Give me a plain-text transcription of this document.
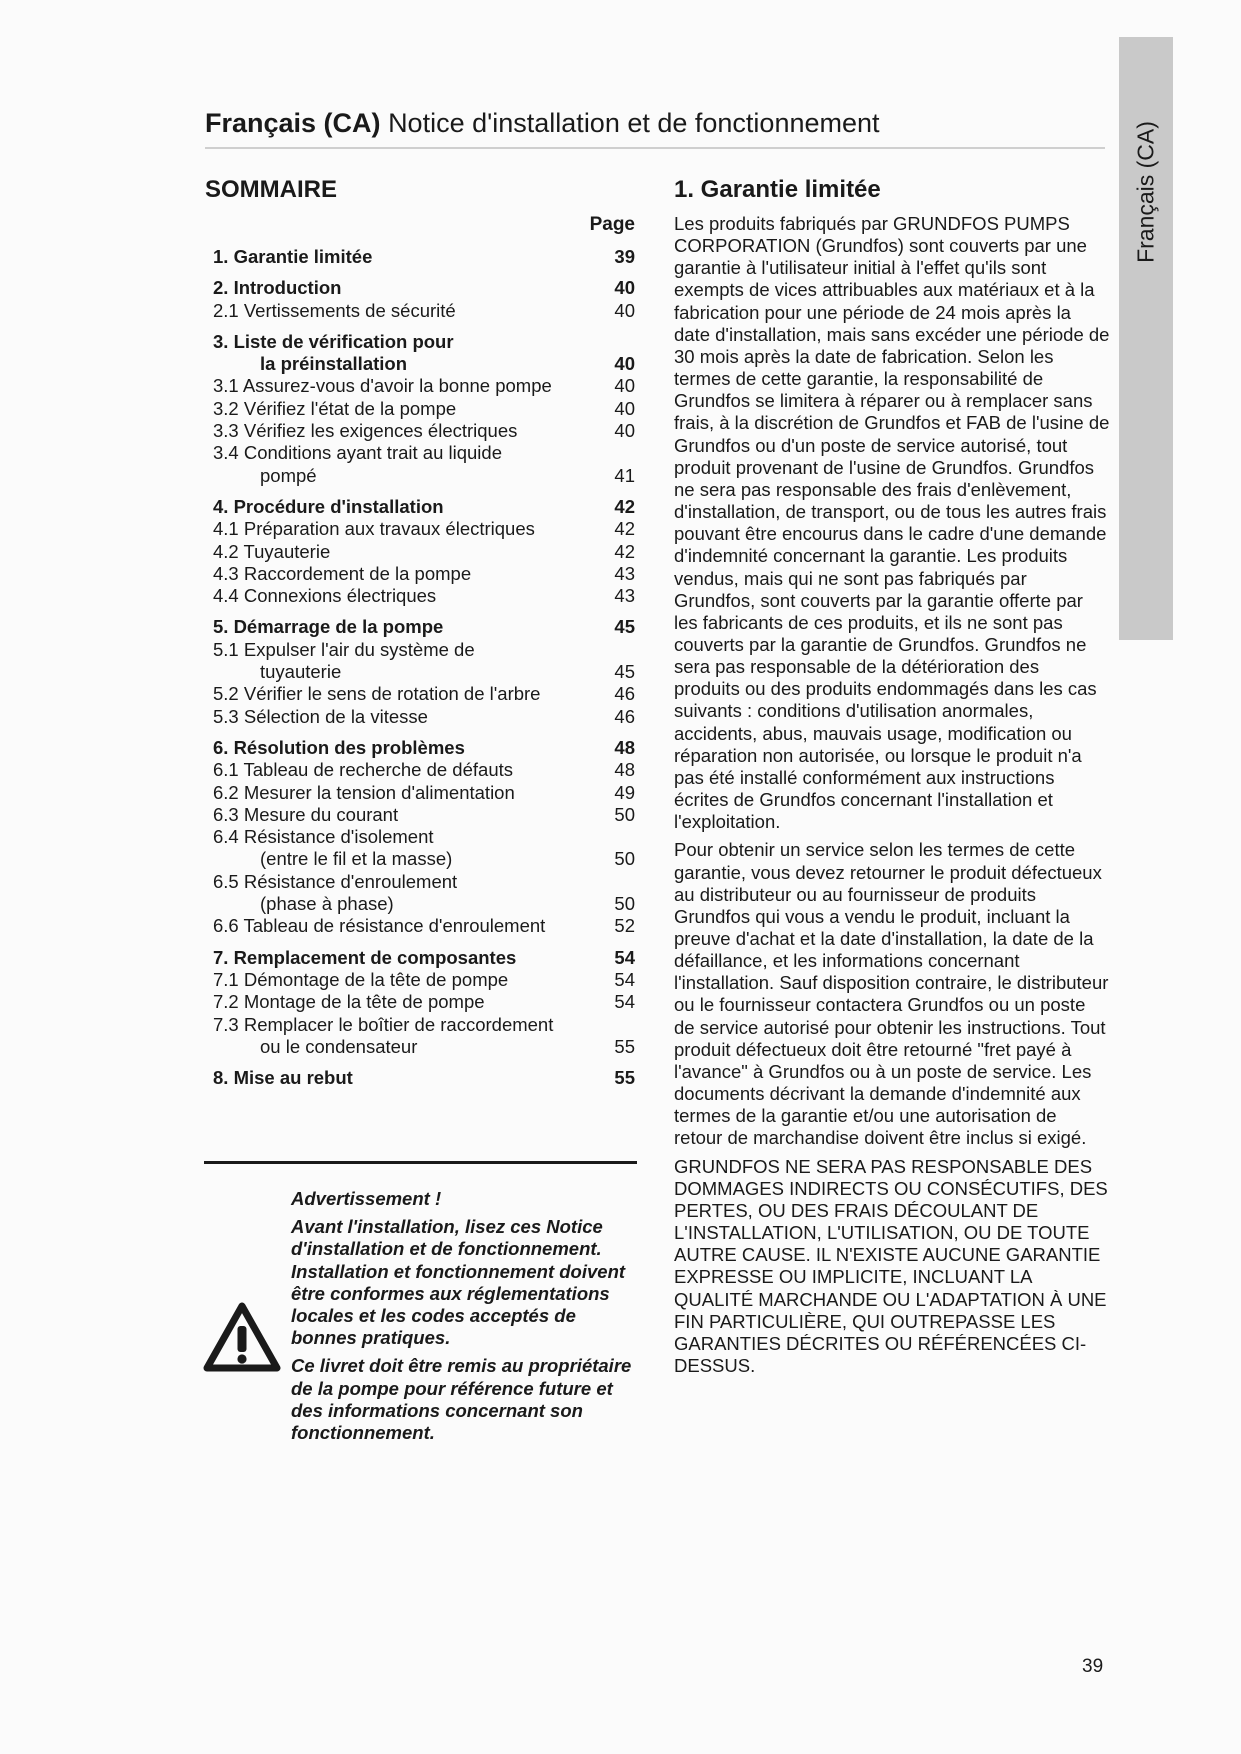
Français (CA)
Français (CA) Notice d'installation et de fonctionnement
SOMMAIRE
Page
1. Garantie limitée	39
2. Introduction	40
2.1 Vertissements de sécurité	40
3. Liste de vérification pour
la préinstallation	40
3.1 Assurez-vous d'avoir la bonne pompe	40
3.2 Vérifiez l'état de la pompe	40
3.3 Vérifiez les exigences électriques	40
3.4 Conditions ayant trait au liquide
pompé	41
4. Procédure d'installation	42
4.1 Préparation aux travaux électriques	42
4.2 Tuyauterie	42
4.3 Raccordement de la pompe	43
4.4 Connexions électriques	43
5. Démarrage de la pompe	45
5.1 Expulser l'air du système de
tuyauterie	45
5.2 Vérifier le sens de rotation de l'arbre	46
5.3 Sélection de la vitesse	46
6. Résolution des problèmes	48
6.1 Tableau de recherche de défauts	48
6.2 Mesurer la tension d'alimentation	49
6.3 Mesure du courant	50
6.4 Résistance d'isolement
(entre le fil et la masse)	50
6.5 Résistance d'enroulement
(phase à phase)	50
6.6 Tableau de résistance d'enroulement	52
7. Remplacement de composantes	54
7.1 Démontage de la tête de pompe	54
7.2 Montage de la tête de pompe	54
7.3 Remplacer le boîtier de raccordement
ou le condensateur	55
8. Mise au rebut	55

Advertissement !

Avant l'installation, lisez ces Notice d'installation et de fonctionnement. Installation et fonctionnement doivent être conformes aux réglementations locales et les codes acceptés de bonnes pratiques.

Ce livret doit être remis au propriétaire de la pompe pour référence future et des informations concernant son fonctionnement.

1. Garantie limitée

Les produits fabriqués par GRUNDFOS PUMPS CORPORATION (Grundfos) sont couverts par une garantie à l'utilisateur initial à l'effet qu'ils sont exempts de vices attribuables aux matériaux et à la fabrication pour une période de 24 mois après la date d'installation, mais sans excéder une période de 30 mois après la date de fabrication. Selon les termes de cette garantie, la responsabilité de Grundfos se limitera à réparer ou à remplacer sans frais, à la discrétion de Grundfos et FAB de l'usine de Grundfos ou d'un poste de service autorisé, tout produit provenant de l'usine de Grundfos. Grundfos ne sera pas responsable des frais d'enlèvement, d'installation, de transport, ou de tous les autres frais pouvant être encourus dans le cadre d'une demande d'indemnité concernant la garantie. Les produits vendus, mais qui ne sont pas fabriqués par Grundfos, sont couverts par la garantie offerte par les fabricants de ces produits, et ils ne sont pas couverts par la garantie de Grundfos. Grundfos ne sera pas responsable de la détérioration des produits ou des produits endommagés dans les cas suivants : conditions d'utilisation anormales, accidents, abus, mauvais usage, modification ou réparation non autorisée, ou lorsque le produit n'a pas été installé conformément aux instructions écrites de Grundfos concernant l'installation et l'exploitation.

Pour obtenir un service selon les termes de cette garantie, vous devez retourner le produit défectueux au distributeur ou au fournisseur de produits Grundfos qui vous a vendu le produit, incluant la preuve d'achat et la date d'installation, la date de la défaillance, et les informations concernant l'installation. Sauf disposition contraire, le distributeur ou le fournisseur contactera Grundfos ou un poste de service autorisé pour obtenir les instructions. Tout produit défectueux doit être retourné "fret payé à l'avance" à Grundfos ou à un poste de service. Les documents décrivant la demande d'indemnité aux termes de la garantie et/ou une autorisation de retour de marchandise doivent être inclus si exigé.

GRUNDFOS NE SERA PAS RESPONSABLE DES DOMMAGES INDIRECTS OU CONSÉCUTIFS, DES PERTES, OU DES FRAIS DÉCOULANT DE L'INSTALLATION, L'UTILISATION, OU DE TOUTE AUTRE CAUSE. IL N'EXISTE AUCUNE GARANTIE EXPRESSE OU IMPLICITE, INCLUANT LA QUALITÉ MARCHANDE OU L'ADAPTATION À UNE FIN PARTICULIÈRE, QUI OUTREPASSE LES GARANTIES DÉCRITES OU RÉFÉRENCÉES CI-DESSUS.

39
